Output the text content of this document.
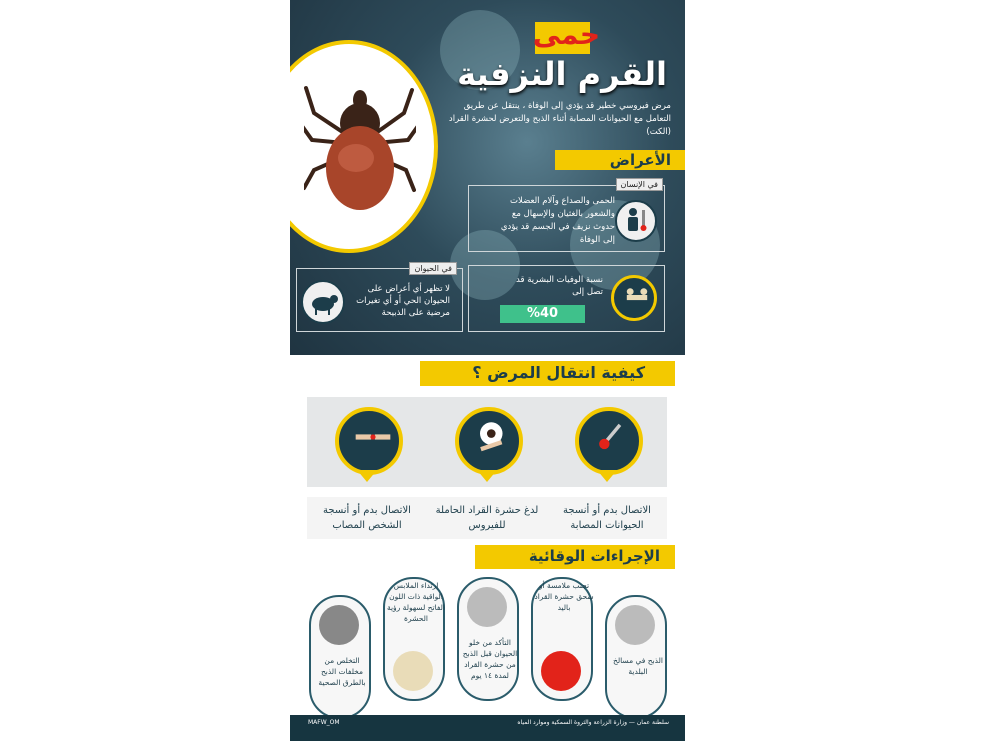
حمى
القرم النزفية
مرض فيروسي خطير قد يؤدي إلى الوفاة ، ينتقل عن طريق التعامل مع الحيوانات المصابة أثناء الذبح والتعرض لحشرة القراد (الكت)
الأعراض
في الإنسان
الحمى والصداع وآلام العضلات والشعور بالغثيان والإسهال مع حدوث نزيف في الجسم قد يؤدي إلى الوفاة
في الحيوان
لا تظهر أي أعراض على الحيوان الحي أو أي تغيرات مرضية على الذبيحة
نسبة الوفيات البشرية قد تصل إلى
%40
كيفية انتقال المرض ؟
الاتصال بدم أو أنسجة الحيوانات المصابة
لدغ حشرة القراد الحاملة للفيروس
الاتصال بدم أو أنسجة الشخص المصاب
الإجراءات الوقائية
الذبح في مسالخ البلدية
تجنب ملامسة أو سحق حشرة القراد باليد
التأكد من خلو الحيوان قبل الذبح من حشرة القراد لمدة ١٤ يوم
إرتداء الملابس الواقية ذات اللون الفاتح لسهولة رؤية الحشرة
التخلص من مخلفات الذبح بالطرق الصحية
MAFW_OM	سلطنة عمان — وزارة الزراعة والثروة السمكية وموارد المياه
